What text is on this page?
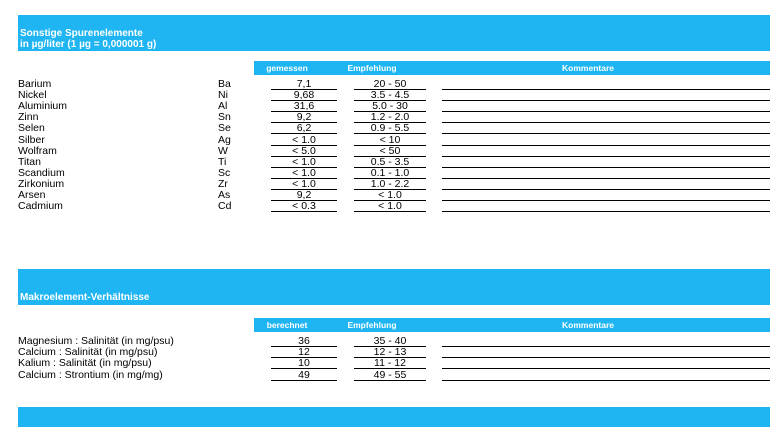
Sonstige Spurenelemente
in µg/liter (1 µg = 0,000001 g)
gemessen	Empfehlung	Kommentare
Barium	Ba	7,1	20 - 50
Nickel	Ni	9,68	3.5 - 4.5
Aluminium	Al	31,6	5.0 - 30
Zinn	Sn	9,2	1.2 - 2.0
Selen	Se	6,2	0.9 - 5.5
Silber	Ag	< 1.0	< 10
Wolfram	W	< 5.0	< 50
Titan	Ti	< 1.0	0.5 - 3.5
Scandium	Sc	< 1.0	0.1 - 1.0
Zirkonium	Zr	< 1.0	1.0 - 2.2
Arsen	As	9,2	< 1.0
Cadmium	Cd	< 0.3	< 1.0
Makroelement-Verhältnisse
berechnet	Empfehlung	Kommentare
Magnesium : Salinität (in mg/psu)	36	35 - 40
Calcium : Salinität (in mg/psu)	12	12 - 13
Kalium : Salinität (in mg/psu)	10	11 - 12
Calcium : Strontium (in mg/mg)	49	49 - 55
